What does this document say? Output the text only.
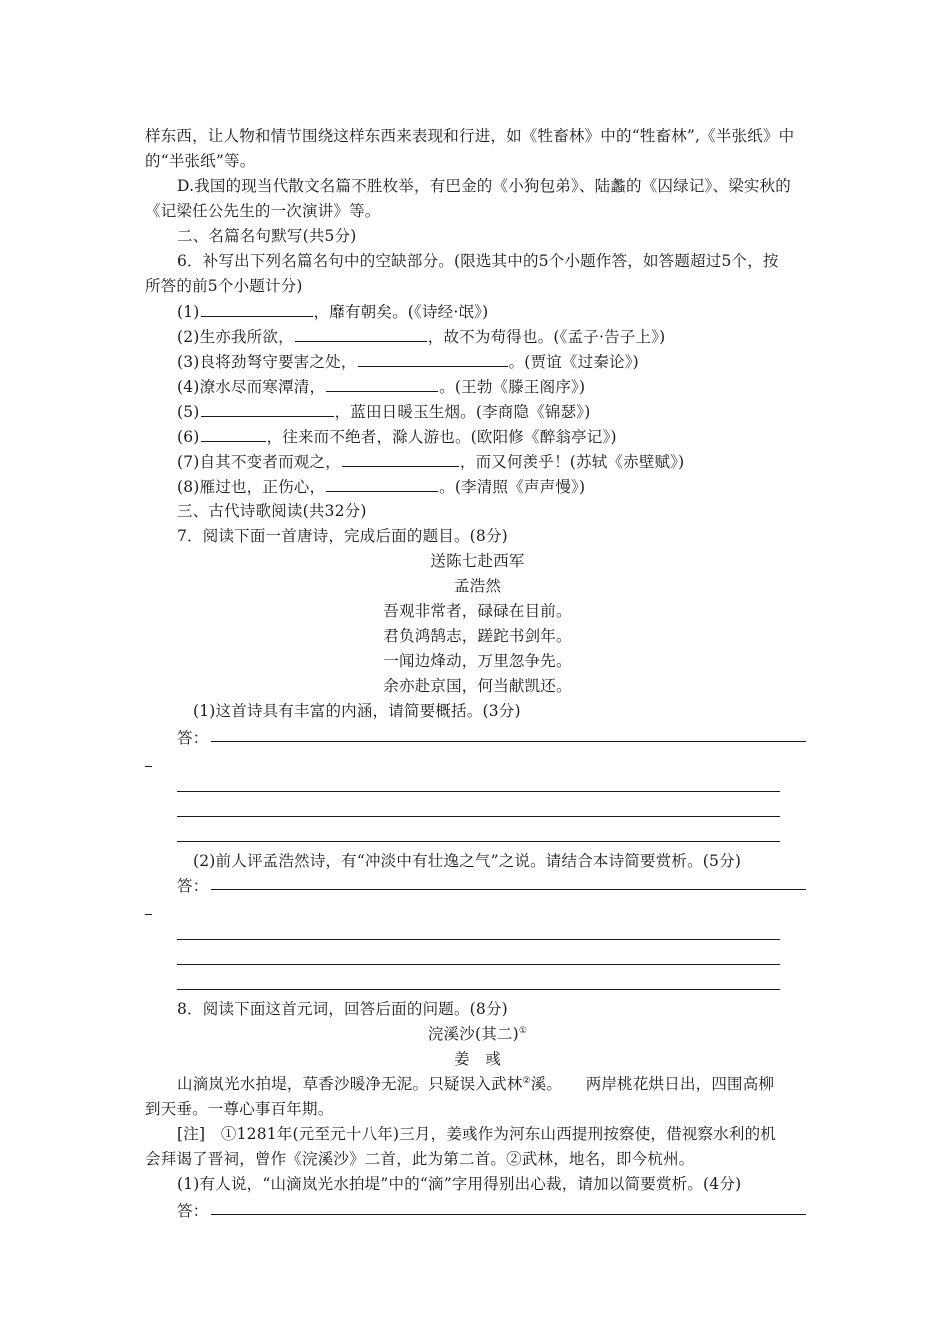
样东西，让人物和情节围绕这样东西来表现和行进，如《牲畜林》中的“牲畜林”,《半张纸》中
的“半张纸”等。
D.我国的现当代散文名篇不胜枚举，有巴金的《小狗包弟》、陆蠡的《囚绿记》、梁实秋的
《记梁任公先生的一次演讲》等。
二、名篇名句默写(共5分)
6．补写出下列名篇名句中的空缺部分。(限选其中的5个小题作答，如答题超过5个，按
所答的前5个小题计分)
(1)	，靡有朝矣。(《诗经·氓》)
(2)生亦我所欲，	，故不为苟得也。(《孟子·告子上》)
(3)良将劲弩守要害之处，	。(贾谊《过秦论》)
(4)潦水尽而寒潭清，	。(王勃《滕王阁序》)
(5)	，蓝田日暖玉生烟。(李商隐《锦瑟》)
(6)	，往来而不绝者，滁人游也。(欧阳修《醉翁亭记》)
(7)自其不变者而观之，	，而又何羡乎！(苏轼《赤壁赋》)
(8)雁过也，正伤心，	。(李清照《声声慢》)
三、古代诗歌阅读(共32分)
7．阅读下面一首唐诗，完成后面的题目。(8分)
送陈七赴西军
孟浩然
吾观非常者，碌碌在目前。
君负鸿鹄志，蹉跎书剑年。
一闻边烽动，万里忽争先。
余亦赴京国，何当献凯还。
(1)这首诗具有丰富的内涵，请简要概括。(3分)
答：
(2)前人评孟浩然诗，有“冲淡中有壮逸之气”之说。请结合本诗简要赏析。(5分)
答：
8．阅读下面这首元词，回答后面的问题。(8分)
浣溪沙(其二)①
姜　彧
山滴岚光水拍堤，草香沙暖净无泥。只疑误入武林②溪。　　两岸桃花烘日出，四围高柳
到天垂。一尊心事百年期。
[注]　①1281年(元至元十八年)三月，姜彧作为河东山西提刑按察使，借视察水利的机
会拜谒了晋祠，曾作《浣溪沙》二首，此为第二首。②武林，地名，即今杭州。
(1)有人说，“山滴岚光水拍堤”中的“滴”字用得别出心裁，请加以简要赏析。(4分)
答：
